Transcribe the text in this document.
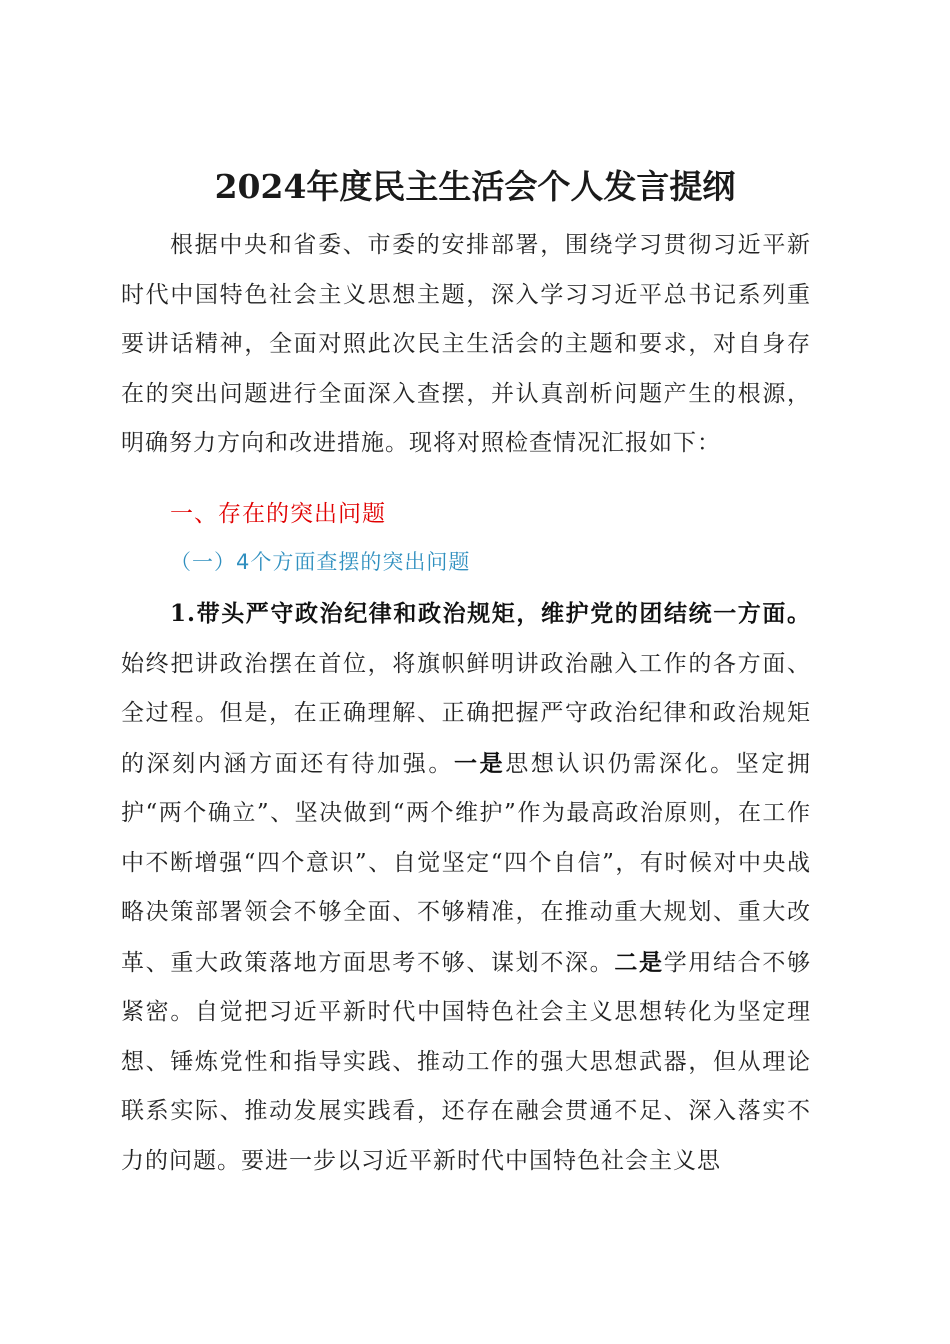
2024年度民主生活会个人发言提纲

根据中央和省委、市委的安排部署，围绕学习贯彻习近平新时代中国特色社会主义思想主题，深入学习习近平总书记系列重要讲话精神，全面对照此次民主生活会的主题和要求，对自身存在的突出问题进行全面深入查摆，并认真剖析问题产生的根源，明确努力方向和改进措施。现将对照检查情况汇报如下：

一、存在的突出问题
（一）4个方面查摆的突出问题

1.带头严守政治纪律和政治规矩，维护党的团结统一方面。始终把讲政治摆在首位，将旗帜鲜明讲政治融入工作的各方面、全过程。但是，在正确理解、正确把握严守政治纪律和政治规矩的深刻内涵方面还有待加强。一是思想认识仍需深化。坚定拥护“两个确立”、坚决做到“两个维护”作为最高政治原则，在工作中不断增强“四个意识”、自觉坚定“四个自信”，有时候对中央战略决策部署领会不够全面、不够精准，在推动重大规划、重大改革、重大政策落地方面思考不够、谋划不深。二是学用结合不够紧密。自觉把习近平新时代中国特色社会主义思想转化为坚定理想、锤炼党性和指导实践、推动工作的强大思想武器，但从理论联系实际、推动发展实践看，还存在融会贯通不足、深入落实不力的问题。要进一步以习近平新时代中国特色社会主义思
